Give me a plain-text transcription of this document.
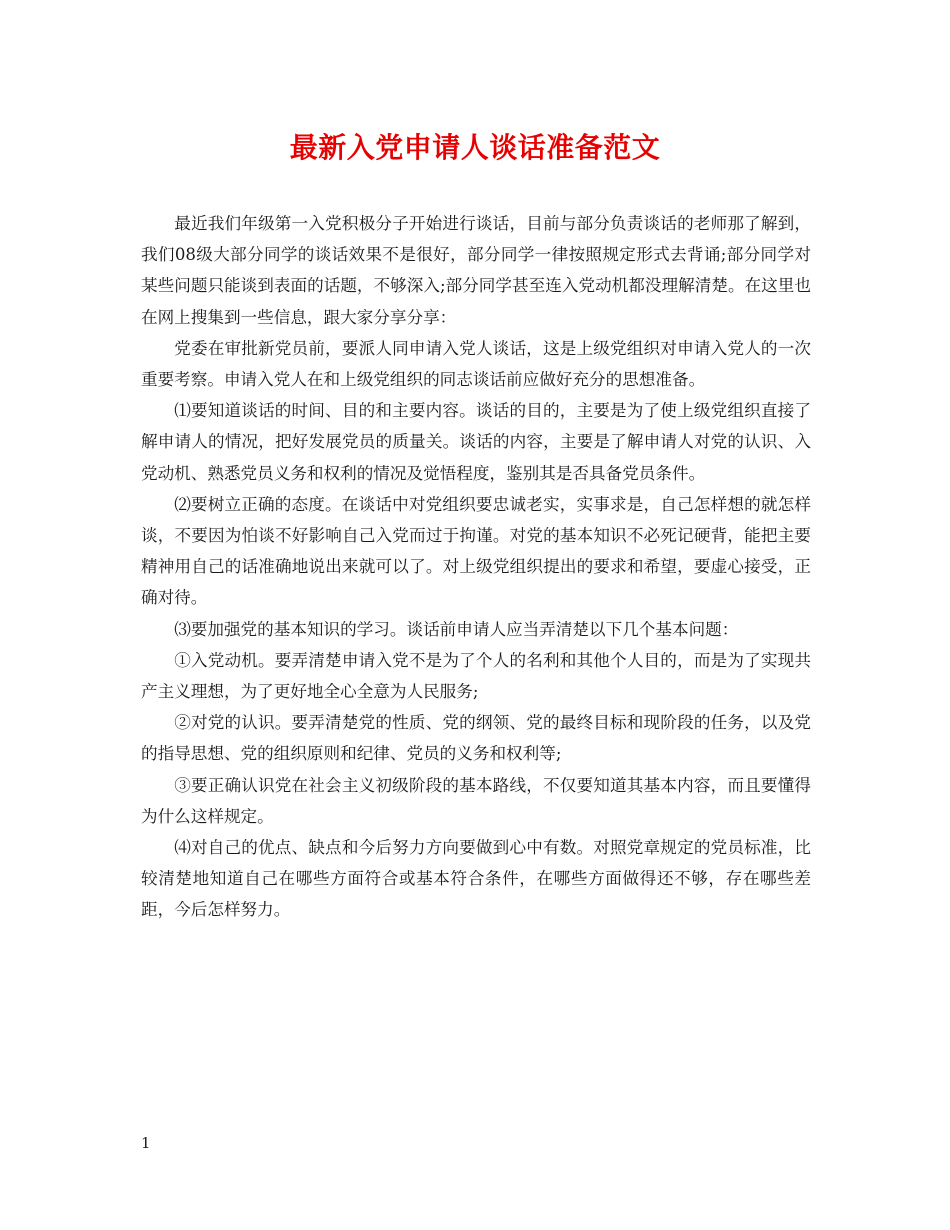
最新入党申请人谈话准备范文

最近我们年级第一入党积极分子开始进行谈话，目前与部分负责谈话的老师那了解到，我们08级大部分同学的谈话效果不是很好，部分同学一律按照规定形式去背诵;部分同学对某些问题只能谈到表面的话题，不够深入;部分同学甚至连入党动机都没理解清楚。在这里也在网上搜集到一些信息，跟大家分享分享：

党委在审批新党员前，要派人同申请入党人谈话，这是上级党组织对申请入党人的一次重要考察。申请入党人在和上级党组织的同志谈话前应做好充分的思想准备。

⑴要知道谈话的时间、目的和主要内容。谈话的目的，主要是为了使上级党组织直接了解申请人的情况，把好发展党员的质量关。谈话的内容，主要是了解申请人对党的认识、入党动机、熟悉党员义务和权利的情况及觉悟程度，鉴别其是否具备党员条件。

⑵要树立正确的态度。在谈话中对党组织要忠诚老实，实事求是，自己怎样想的就怎样谈，不要因为怕谈不好影响自己入党而过于拘谨。对党的基本知识不必死记硬背，能把主要精神用自己的话准确地说出来就可以了。对上级党组织提出的要求和希望，要虚心接受，正确对待。

⑶要加强党的基本知识的学习。谈话前申请人应当弄清楚以下几个基本问题：

①入党动机。要弄清楚申请入党不是为了个人的名利和其他个人目的，而是为了实现共产主义理想，为了更好地全心全意为人民服务;

②对党的认识。要弄清楚党的性质、党的纲领、党的最终目标和现阶段的任务，以及党的指导思想、党的组织原则和纪律、党员的义务和权利等;

③要正确认识党在社会主义初级阶段的基本路线，不仅要知道其基本内容，而且要懂得为什么这样规定。

⑷对自己的优点、缺点和今后努力方向要做到心中有数。对照党章规定的党员标准，比较清楚地知道自己在哪些方面符合或基本符合条件，在哪些方面做得还不够，存在哪些差距，今后怎样努力。

1
